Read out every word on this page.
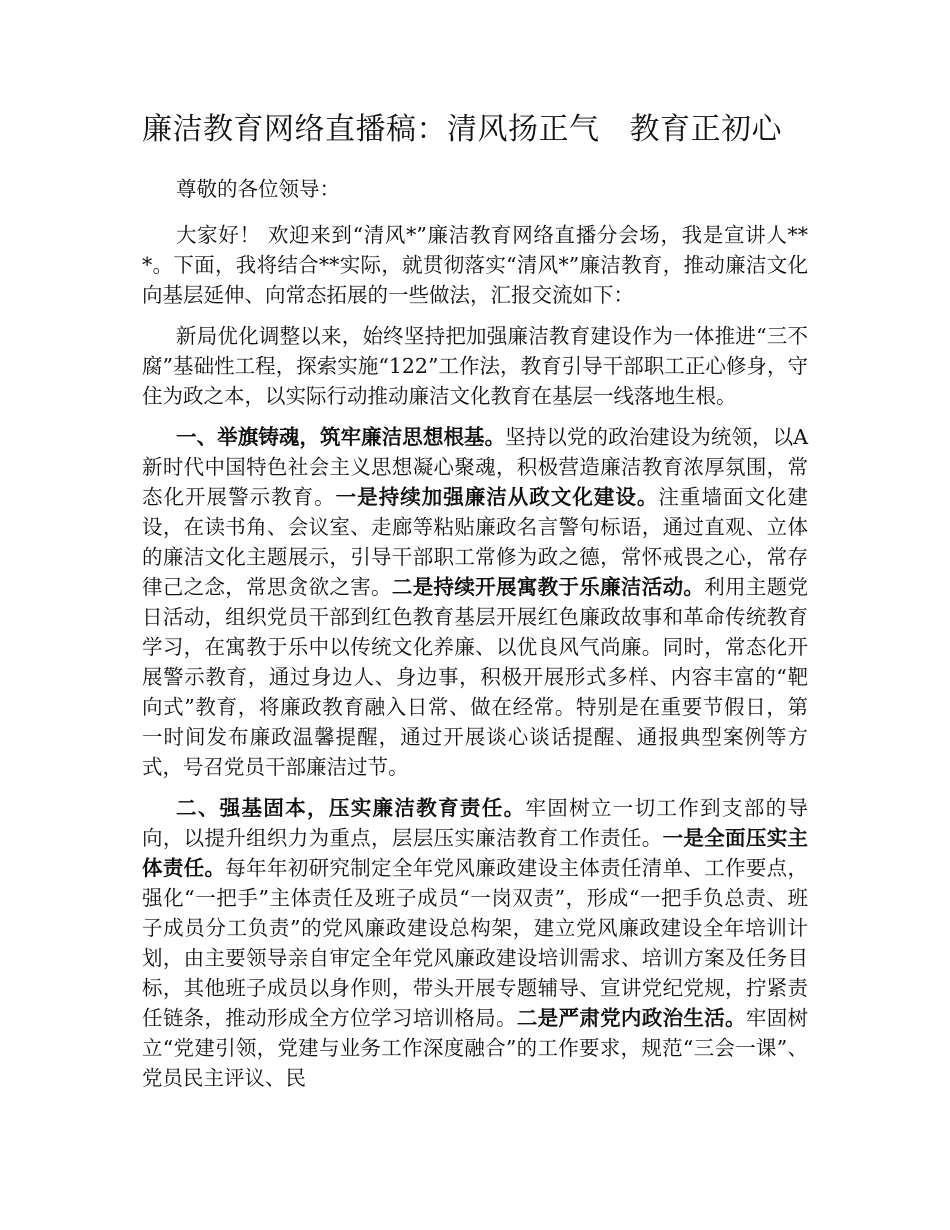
廉洁教育网络直播稿：清风扬正气 教育正初心

尊敬的各位领导：

大家好！ 欢迎来到“清风*”廉洁教育网络直播分会场，我是宣讲人***。下面，我将结合**实际，就贯彻落实“清风*”廉洁教育，推动廉洁文化向基层延伸、向常态拓展的一些做法，汇报交流如下：

新局优化调整以来，始终坚持把加强廉洁教育建设作为一体推进“三不腐”基础性工程，探索实施“122”工作法，教育引导干部职工正心修身，守住为政之本，以实际行动推动廉洁文化教育在基层一线落地生根。

一、举旗铸魂，筑牢廉洁思想根基。坚持以党的政治建设为统领，以A新时代中国特色社会主义思想凝心聚魂，积极营造廉洁教育浓厚氛围，常态化开展警示教育。一是持续加强廉洁从政文化建设。注重墙面文化建设，在读书角、会议室、走廊等粘贴廉政名言警句标语，通过直观、立体的廉洁文化主题展示，引导干部职工常修为政之德，常怀戒畏之心，常存律己之念，常思贪欲之害。二是持续开展寓教于乐廉洁活动。利用主题党日活动，组织党员干部到红色教育基层开展红色廉政故事和革命传统教育学习，在寓教于乐中以传统文化养廉、以优良风气尚廉。同时，常态化开展警示教育，通过身边人、身边事，积极开展形式多样、内容丰富的“靶向式”教育，将廉政教育融入日常、做在经常。特别是在重要节假日，第一时间发布廉政温馨提醒，通过开展谈心谈话提醒、通报典型案例等方式，号召党员干部廉洁过节。

二、强基固本，压实廉洁教育责任。牢固树立一切工作到支部的导向，以提升组织力为重点，层层压实廉洁教育工作责任。一是全面压实主体责任。每年年初研究制定全年党风廉政建设主体责任清单、工作要点，强化“一把手”主体责任及班子成员“一岗双责”，形成“一把手负总责、班子成员分工负责”的党风廉政建设总构架，建立党风廉政建设全年培训计划，由主要领导亲自审定全年党风廉政建设培训需求、培训方案及任务目标，其他班子成员以身作则，带头开展专题辅导、宣讲党纪党规，拧紧责任链条，推动形成全方位学习培训格局。二是严肃党内政治生活。牢固树立“党建引领，党建与业务工作深度融合”的工作要求，规范“三会一课”、党员民主评议、民
